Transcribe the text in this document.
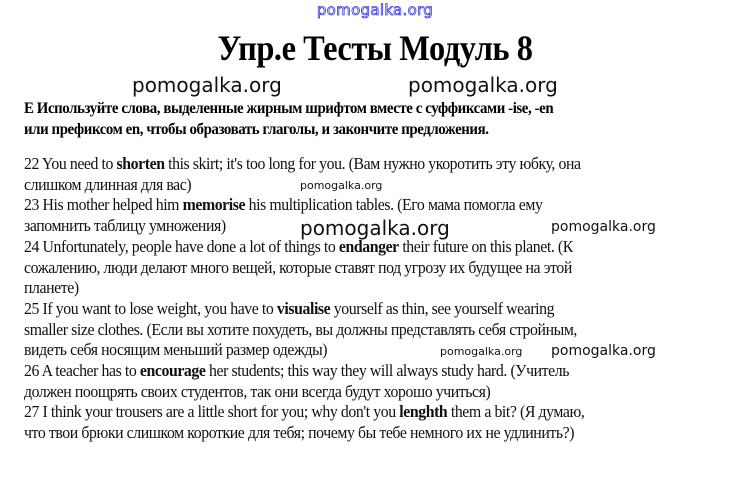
pomogalka.org
Упр.е Тесты Модуль 8
pomogalka.org	pomogalka.org
E Используйте слова, выделенные жирным шрифтом вместе с суффиксами -ise, -en
или префиксом en, чтобы образовать глаголы, и закончите предложения.
22 You need to shorten this skirt; it's too long for you. (Вам нужно укоротить эту юбку, она
слишком длинная для вас)
23 His mother helped him memorise his multiplication tables. (Его мама помогла ему
запомнить таблицу умножения)
24 Unfortunately, people have done a lot of things to endanger their future on this planet. (К
сожалению, люди делают много вещей, которые ставят под угрозу их будущее на этой
планете)
25 If you want to lose weight, you have to visualise yourself as thin, see yourself wearing
smaller size clothes. (Если вы хотите похудеть, вы должны представлять себя стройным,
видеть себя носящим меньший размер одежды)
26 A teacher has to encourage her students; this way they will always study hard. (Учитель
должен поощрять своих студентов, так они всегда будут хорошо учиться)
27 I think your trousers are a little short for you; why don't you lenghth them a bit? (Я думаю,
что твои брюки слишком короткие для тебя; почему бы тебе немного их не удлинить?)
pomogalka.org
pomogalka.org	pomogalka.org
pomogalka.org
pomogalka.org
